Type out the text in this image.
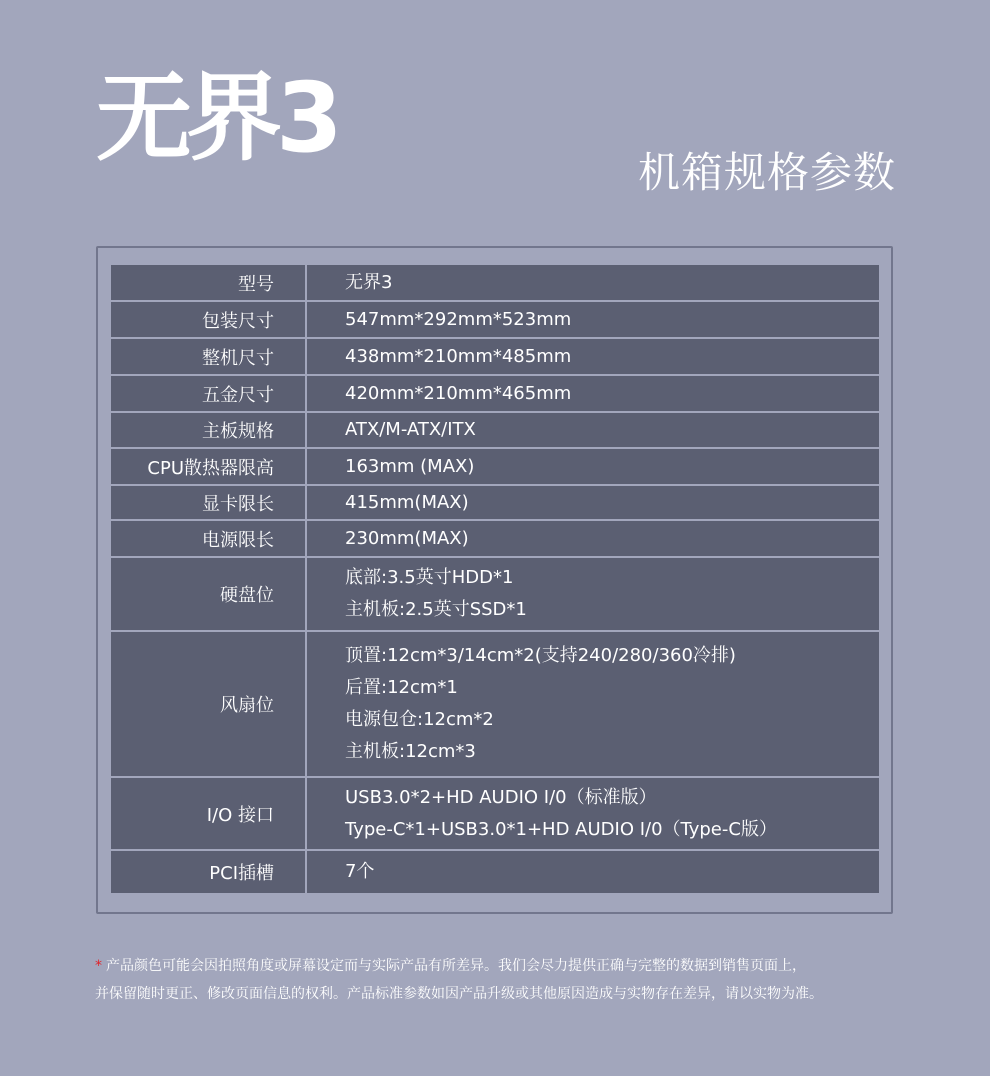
无界3	机箱规格参数
型号	无界3

包装尺寸	547mm*292mm*523mm

整机尺寸	438mm*210mm*485mm

五金尺寸	420mm*210mm*465mm

主板规格	ATX/M-ATX/ITX

CPU散热器限高	163mm (MAX)

显卡限长	415mm(MAX)

电源限长	230mm(MAX)

硬盘位	底部:3.5英寸HDD*1
主机板:2.5英寸SSD*1

风扇位	顶置:12cm*3/14cm*2(支持240/280/360冷排)
后置:12cm*1
电源包仓:12cm*2
主机板:12cm*3

I/O 接口	USB3.0*2+HD AUDIO I/0（标准版）
Type-C*1+USB3.0*1+HD AUDIO I/0（Type-C版）

PCI插槽	7个
* 产品颜色可能会因拍照角度或屏幕设定而与实际产品有所差异。我们会尽力提供正确与完整的数据到销售页面上，
并保留随时更正、修改页面信息的权利。产品标准参数如因产品升级或其他原因造成与实物存在差异，请以实物为准。
